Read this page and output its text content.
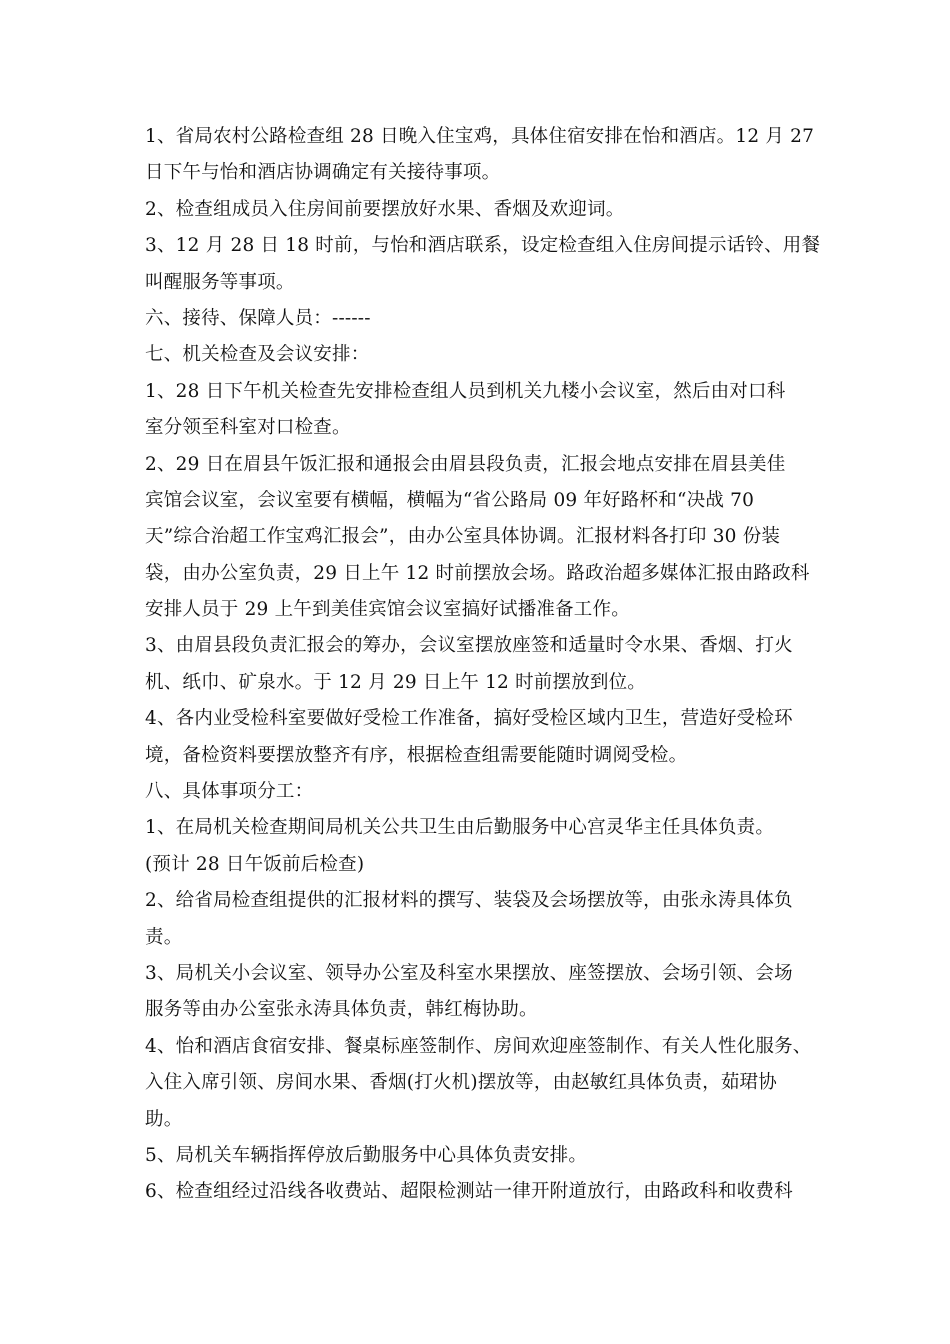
1、省局农村公路检查组 28 日晚入住宝鸡，具体住宿安排在怡和酒店。12 月 27
日下午与怡和酒店协调确定有关接待事项。
2、检查组成员入住房间前要摆放好水果、香烟及欢迎词。
3、12 月 28 日 18 时前，与怡和酒店联系，设定检查组入住房间提示话铃、用餐
叫醒服务等事项。
六、接待、保障人员：------
七、机关检查及会议安排：
1、28 日下午机关检查先安排检查组人员到机关九楼小会议室，然后由对口科
室分领至科室对口检查。
2、29 日在眉县午饭汇报和通报会由眉县段负责，汇报会地点安排在眉县美佳
宾馆会议室，会议室要有横幅，横幅为“省公路局 09 年好路杯和“决战 70
天”综合治超工作宝鸡汇报会”，由办公室具体协调。汇报材料各打印 30 份装
袋，由办公室负责，29 日上午 12 时前摆放会场。路政治超多媒体汇报由路政科
安排人员于 29 上午到美佳宾馆会议室搞好试播准备工作。
3、由眉县段负责汇报会的筹办，会议室摆放座签和适量时令水果、香烟、打火
机、纸巾、矿泉水。于 12 月 29 日上午 12 时前摆放到位。
4、各内业受检科室要做好受检工作准备，搞好受检区域内卫生，营造好受检环
境，备检资料要摆放整齐有序，根据检查组需要能随时调阅受检。
八、具体事项分工：
1、在局机关检查期间局机关公共卫生由后勤服务中心宫灵华主任具体负责。
(预计 28 日午饭前后检查)
2、给省局检查组提供的汇报材料的撰写、装袋及会场摆放等，由张永涛具体负
责。
3、局机关小会议室、领导办公室及科室水果摆放、座签摆放、会场引领、会场
服务等由办公室张永涛具体负责，韩红梅协助。
4、怡和酒店食宿安排、餐桌标座签制作、房间欢迎座签制作、有关人性化服务、
入住入席引领、房间水果、香烟(打火机)摆放等，由赵敏红具体负责，茹珺协
助。
5、局机关车辆指挥停放后勤服务中心具体负责安排。
6、检查组经过沿线各收费站、超限检测站一律开附道放行，由路政科和收费科
